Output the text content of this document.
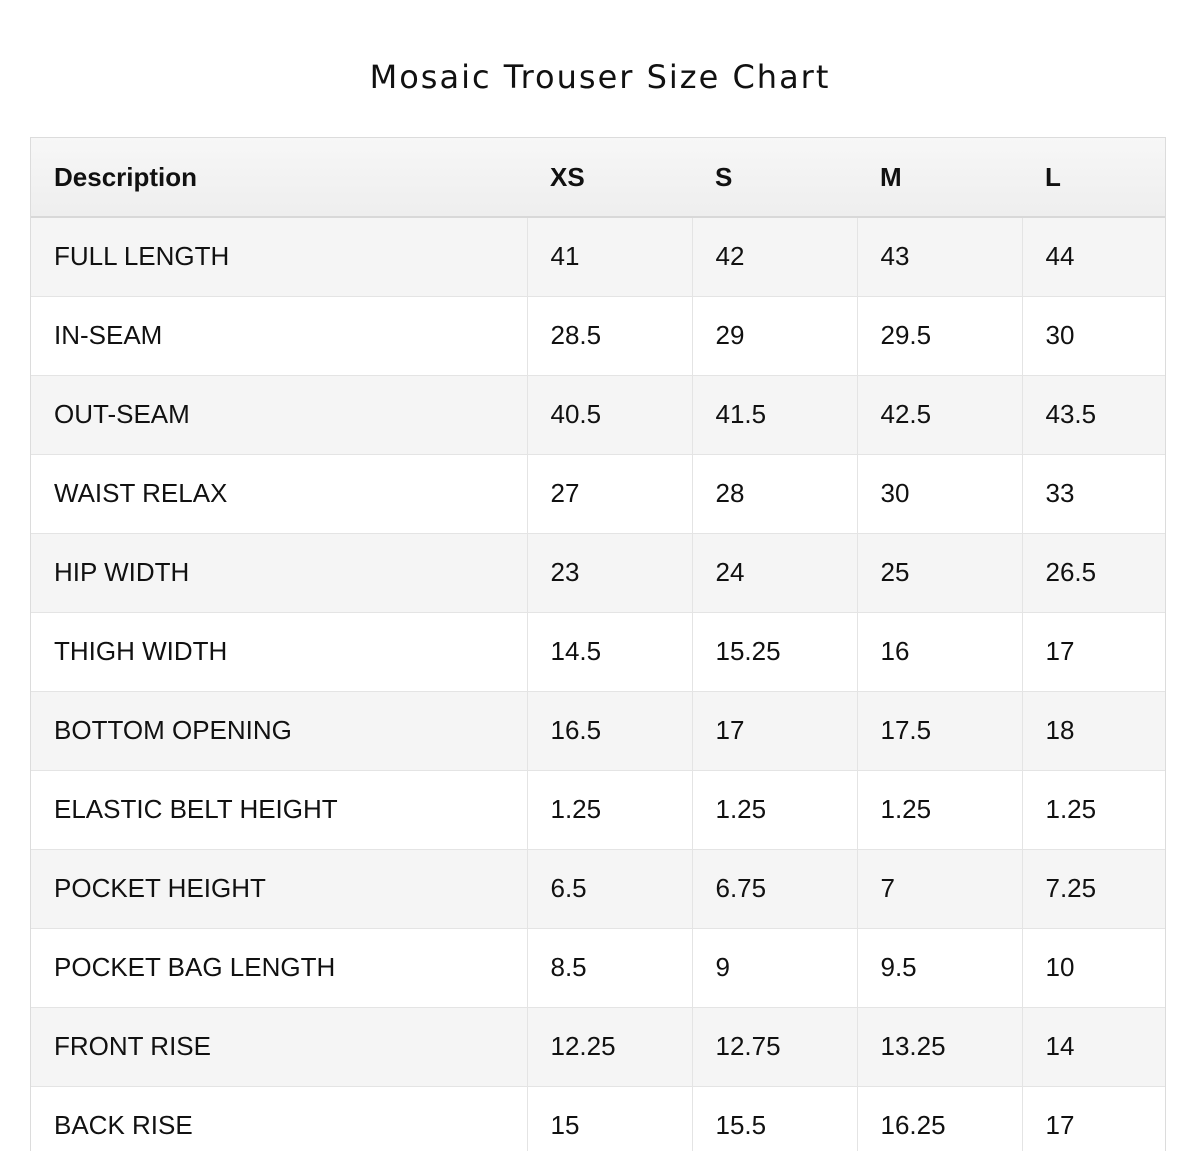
Mosaic Trouser Size Chart
Description	XS	S	M	L
FULL LENGTH	41	42	43	44
IN-SEAM	28.5	29	29.5	30
OUT-SEAM	40.5	41.5	42.5	43.5
WAIST RELAX	27	28	30	33
HIP WIDTH	23	24	25	26.5
THIGH WIDTH	14.5	15.25	16	17
BOTTOM OPENING	16.5	17	17.5	18
ELASTIC BELT HEIGHT	1.25	1.25	1.25	1.25
POCKET HEIGHT	6.5	6.75	7	7.25
POCKET BAG LENGTH	8.5	9	9.5	10
FRONT RISE	12.25	12.75	13.25	14
BACK RISE	15	15.5	16.25	17
